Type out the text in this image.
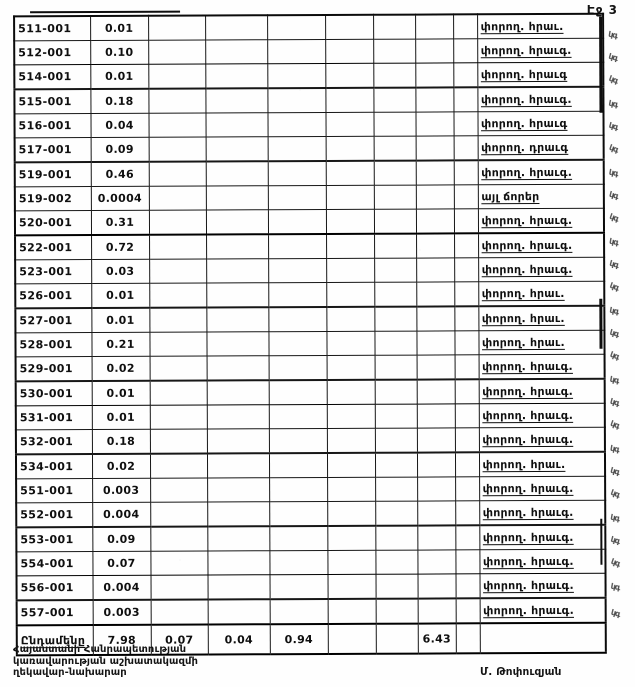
Էջ 3
511-001	0.01								փորող. հրաւ.
512-001	0.10								փորող. հրաւգ.
514-001	0.01								փորող. հրաւգ
515-001	0.18								փորող. հրաւգ.
516-001	0.04								փորող. հրաւգ
517-001	0.09								փորող. դրաւգ
519-001	0.46								փորող. հրաւգ.
519-002	0.0004								այլ ճորեր
520-001	0.31								փորող. հրաւգ.
522-001	0.72								փորող. հրաւգ.
523-001	0.03								փորող. հրաւգ.
526-001	0.01								փորող. հրաւ.
527-001	0.01								փորող. հրաւ.
528-001	0.21								փորող. հրաւ.
529-001	0.02								փորող. հրաւգ.
530-001	0.01								փորող. հրաւգ.
531-001	0.01								փորող. հրաւգ.
532-001	0.18								փորող. հրաւգ.
534-001	0.02								փորող. հրաւ.
551-001	0.003								փորող. հրաւգ.
552-001	0.004								փորող. հրաւգ.
553-001	0.09								փորող. հրաւգ.
554-001	0.07								փորող. հրաւգ.
556-001	0.004								փորող. հրաւգ.
557-001	0.003								փորող. հրաւգ.
Ընդամենը	7.98	0.07	0.04	0.94			6.43		
կգ
կգ
կգ
կգ
կգ
կգ
կգ
կգ
կգ
կգ
կգ
կգ
կգ
կգ
կգ
կգ
կգ
կգ
կգ
կգ
կգ
կգ
կգ
կգ
կգ
կգ
Հայաստանի Հանրապետության
կառավարության աշխատակազմի
ղեկավար-նախարար	Մ. Թոփուզյան
